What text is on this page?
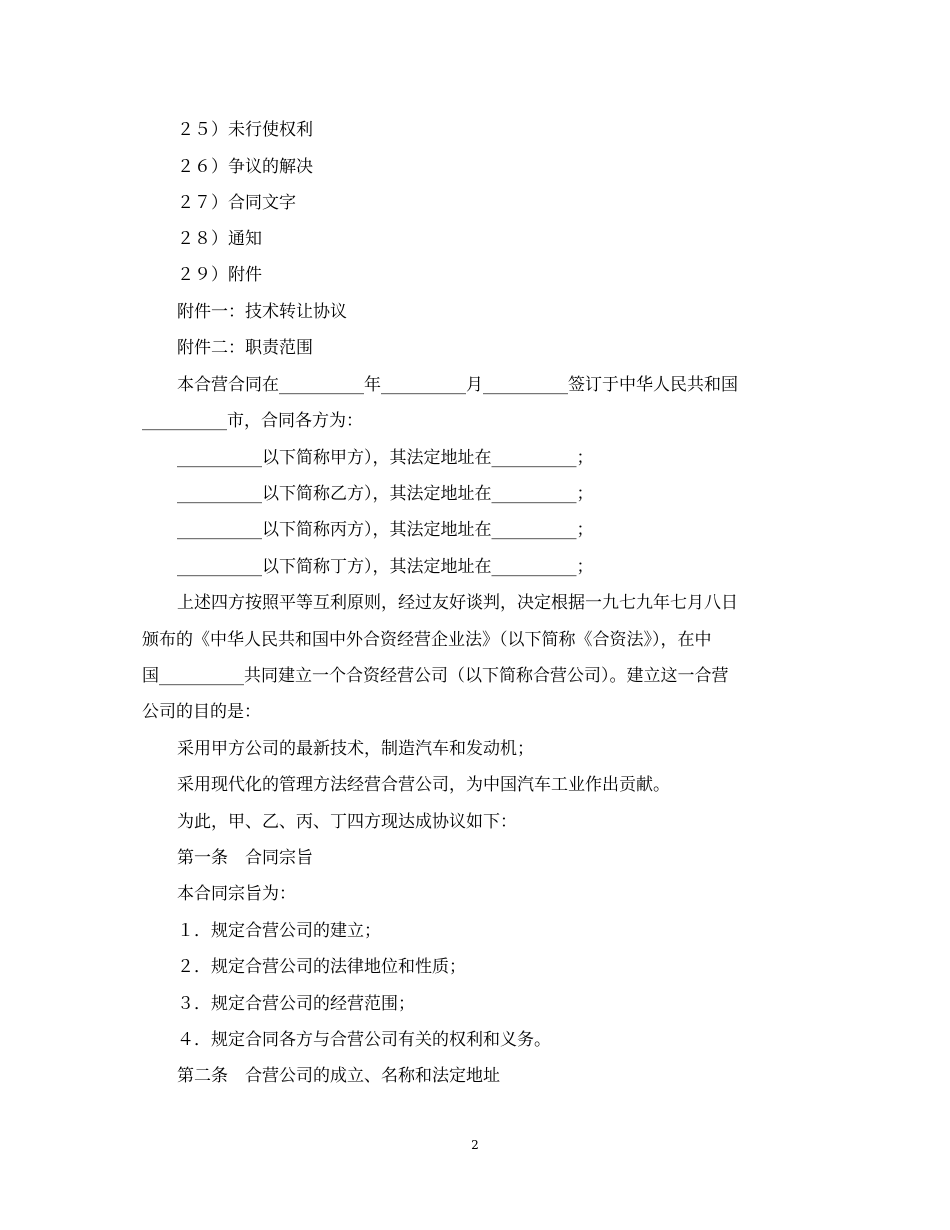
２５）未行使权利
２６）争议的解决
２７）合同文字
２８）通知
２９）附件
附件一：技术转让协议
附件二：职责范围
本合营合同在__________年__________月__________签订于中华人民共和国
__________市，合同各方为：
__________以下简称甲方），其法定地址在__________；
__________以下简称乙方），其法定地址在__________；
__________以下简称丙方），其法定地址在__________；
__________以下简称丁方），其法定地址在__________；
上述四方按照平等互利原则，经过友好谈判，决定根据一九七九年七月八日
颁布的《中华人民共和国中外合资经营企业法》（以下简称《合资法》），在中
国__________共同建立一个合资经营公司（以下简称合营公司）。建立这一合营
公司的目的是：
采用甲方公司的最新技术，制造汽车和发动机；
采用现代化的管理方法经营合营公司，为中国汽车工业作出贡献。
为此，甲、乙、丙、丁四方现达成协议如下：
第一条　合同宗旨
本合同宗旨为：
１．规定合营公司的建立；
２．规定合营公司的法律地位和性质；
３．规定合营公司的经营范围；
４．规定合同各方与合营公司有关的权利和义务。
第二条　合营公司的成立、名称和法定地址
2
